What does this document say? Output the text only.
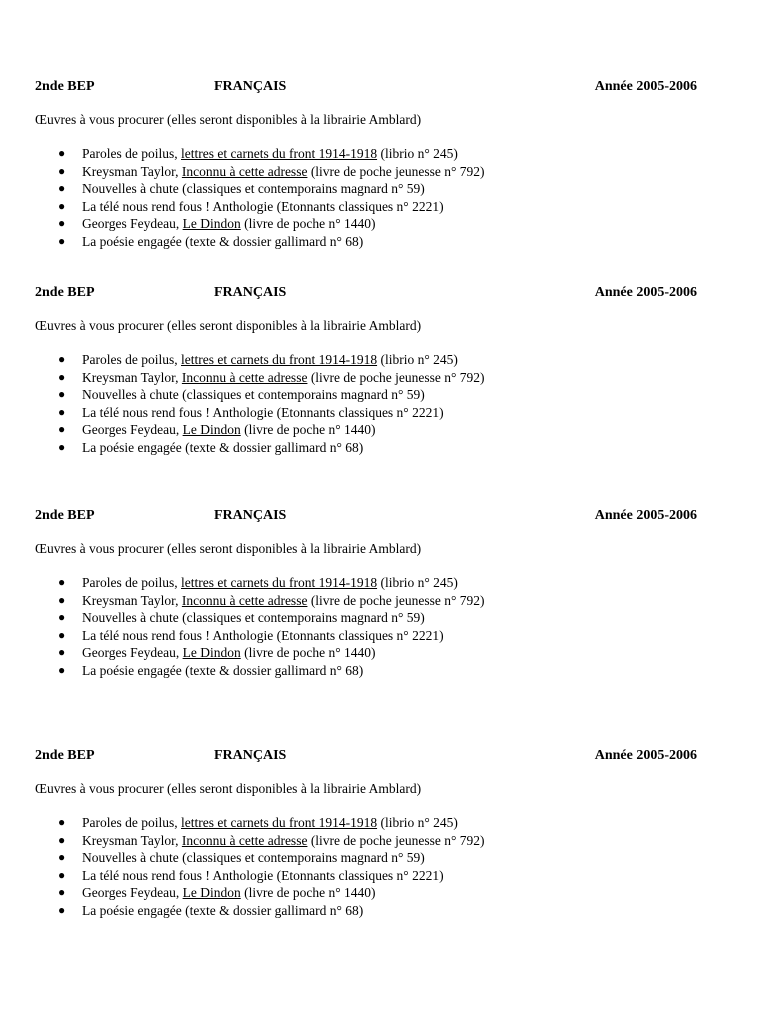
2nde BEP	FRANÇAIS	Année 2005-2006
Œuvres à vous procurer (elles seront disponibles à la librairie Amblard)
● Paroles de poilus, lettres et carnets du front 1914-1918 (librio n° 245)
● Kreysman Taylor, Inconnu à cette adresse (livre de poche jeunesse n° 792)
● Nouvelles à chute (classiques et contemporains magnard n° 59)
● La télé nous rend fous ! Anthologie (Etonnants classiques n° 2221)
● Georges Feydeau, Le Dindon (livre de poche n° 1440)
● La poésie engagée (texte & dossier gallimard n° 68)
2nde BEP	FRANÇAIS	Année 2005-2006
Œuvres à vous procurer (elles seront disponibles à la librairie Amblard)
● Paroles de poilus, lettres et carnets du front 1914-1918 (librio n° 245)
● Kreysman Taylor, Inconnu à cette adresse (livre de poche jeunesse n° 792)
● Nouvelles à chute (classiques et contemporains magnard n° 59)
● La télé nous rend fous ! Anthologie (Etonnants classiques n° 2221)
● Georges Feydeau, Le Dindon (livre de poche n° 1440)
● La poésie engagée (texte & dossier gallimard n° 68)
2nde BEP	FRANÇAIS	Année 2005-2006
Œuvres à vous procurer (elles seront disponibles à la librairie Amblard)
● Paroles de poilus, lettres et carnets du front 1914-1918 (librio n° 245)
● Kreysman Taylor, Inconnu à cette adresse (livre de poche jeunesse n° 792)
● Nouvelles à chute (classiques et contemporains magnard n° 59)
● La télé nous rend fous ! Anthologie (Etonnants classiques n° 2221)
● Georges Feydeau, Le Dindon (livre de poche n° 1440)
● La poésie engagée (texte & dossier gallimard n° 68)
2nde BEP	FRANÇAIS	Année 2005-2006
Œuvres à vous procurer (elles seront disponibles à la librairie Amblard)
● Paroles de poilus, lettres et carnets du front 1914-1918 (librio n° 245)
● Kreysman Taylor, Inconnu à cette adresse (livre de poche jeunesse n° 792)
● Nouvelles à chute (classiques et contemporains magnard n° 59)
● La télé nous rend fous ! Anthologie (Etonnants classiques n° 2221)
● Georges Feydeau, Le Dindon (livre de poche n° 1440)
● La poésie engagée (texte & dossier gallimard n° 68)
